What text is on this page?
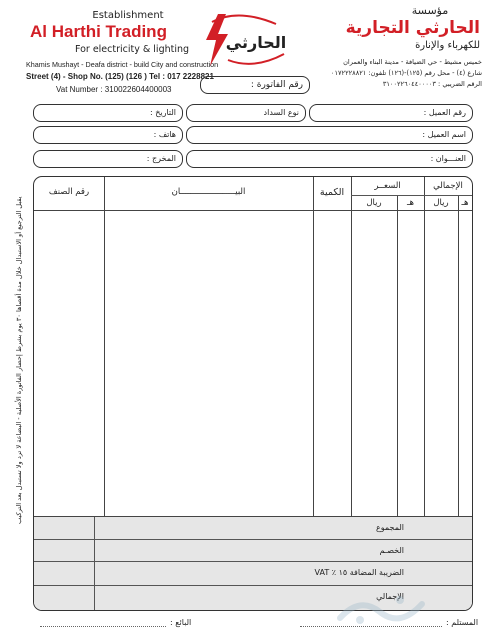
Establishment
Al Harthi Trading
For electricity & lighting
Khamis Mushayt - Deafa district - build City and construction
Street (4) - Shop No. (125) (126 ) Tel : 017 2228821
Vat Number : 310022604400003
الحارثي
مؤسسة
الحارثي التجارية
للكهرباء والإنارة
خميس مشيط - حي الضيافة - مدينة البناء والعمران
شارع (٤) - محل رقم (١٢٥)-(١٢٦) تلفون: ٠١٧٢٢٢٨٨٢١
الرقم الضريبي : ٣١٠٠٢٢٦٠٤٤٠٠٠٠٣
رقم الفاتورة :
التاريخ :	نوع السداد	رقم العميل :
هاتف :	اسم العميل :
المخرج :	العنـــوان :
يقبل الترجيع أو الاستبدال خلال مدة أقصاها ٣٠ يوم بشرط إحضار الفاتورة الأصلية - البضاعة لا ترد ولا تستبدل بعد التركيب
رقم الصنف	البيــــــــــــــــــــــان	الكمية
السعــر	الإجمالي
ريال	هـ	ريال	هـ
المجموع
الخصـم
الضريبة المضافة ١٥ ٪ VAT
الإجمالي
المستلم :
البائع :
